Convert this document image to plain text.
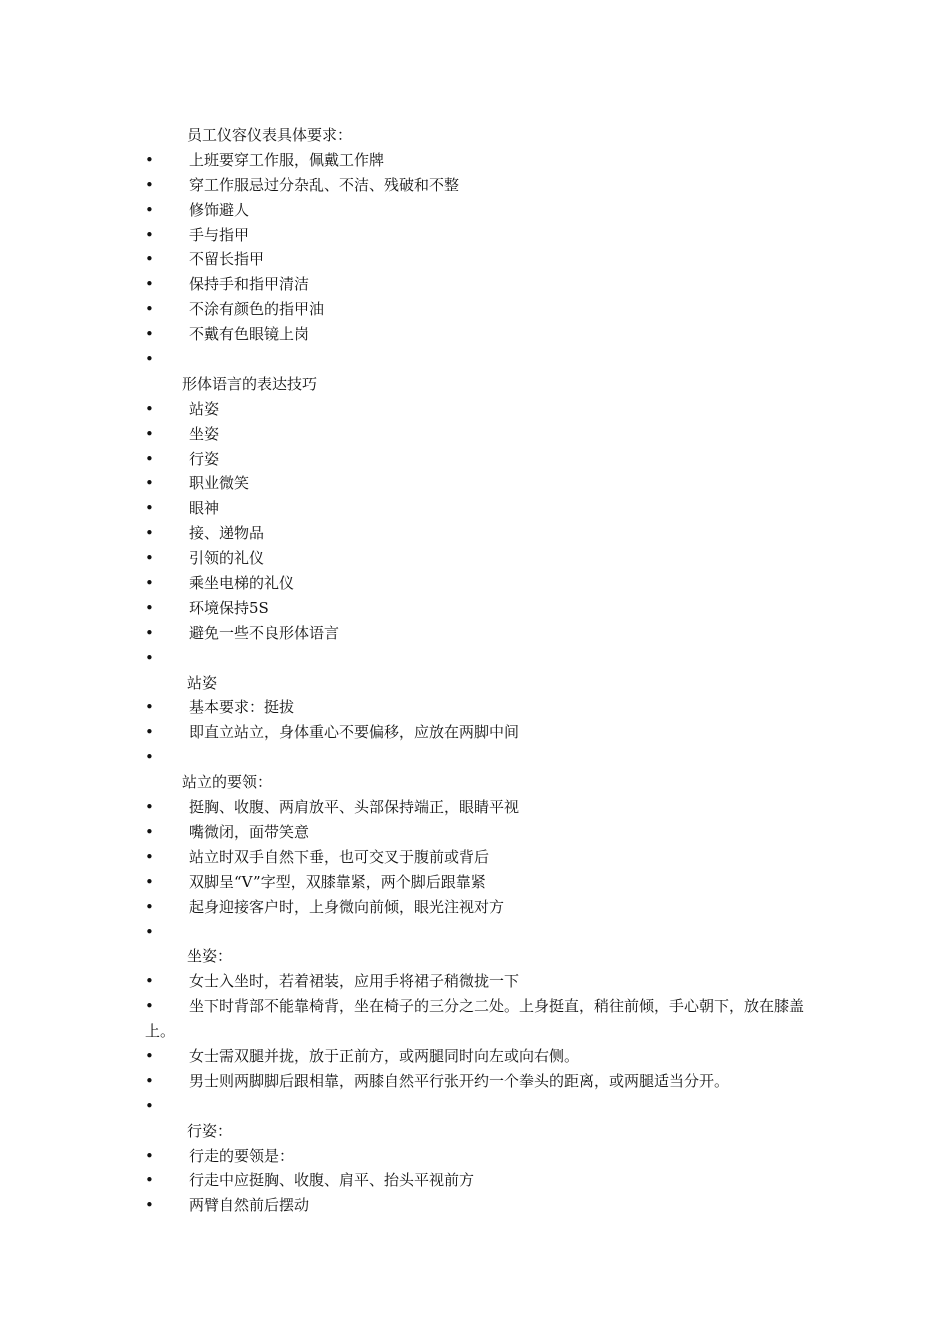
员工仪容仪表具体要求：
•	上班要穿工作服，佩戴工作牌
•	穿工作服忌过分杂乱、不洁、残破和不整
•	修饰避人
•	手与指甲
•	不留长指甲
•	保持手和指甲清洁
•	不涂有颜色的指甲油
•	不戴有色眼镜上岗
•
形体语言的表达技巧
•	站姿
•	坐姿
•	行姿
•	职业微笑
•	眼神
•	接、递物品
•	引领的礼仪
•	乘坐电梯的礼仪
•	环境保持5S
•	避免一些不良形体语言
•
站姿
•	基本要求：挺拔
•	即直立站立，身体重心不要偏移，应放在两脚中间
•
站立的要领：
•	挺胸、收腹、两肩放平、头部保持端正，眼睛平视
•	嘴微闭，面带笑意
•	站立时双手自然下垂，也可交叉于腹前或背后
•	双脚呈“V”字型，双膝靠紧，两个脚后跟靠紧
•	起身迎接客户时，上身微向前倾，眼光注视对方
•
坐姿：
•	女士入坐时，若着裙装，应用手将裙子稍微拢一下
•	坐下时背部不能靠椅背，坐在椅子的三分之二处。上身挺直，稍往前倾，手心朝下，放在膝盖上。
•	女士需双腿并拢，放于正前方，或两腿同时向左或向右侧。
•	男士则两脚脚后跟相靠，两膝自然平行张开约一个拳头的距离，或两腿适当分开。
•
行姿：
•	行走的要领是：
•	行走中应挺胸、收腹、肩平、抬头平视前方
•	两臂自然前后摆动
